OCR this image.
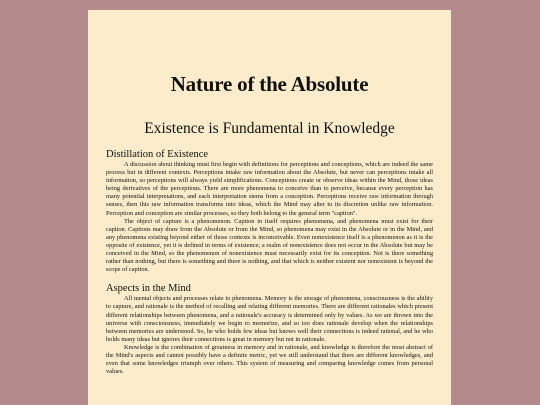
Nature of the Absolute
Existence is Fundamental in Knowledge
Distillation of Existence

A discussion about thinking must first begin with definitions for perceptions and conceptions, which are indeed the same process but in different contexts. Perceptions intake raw information about the Absolute, but never can perceptions intake all information, so perceptions will always yield simplifications. Conceptions create or observe ideas within the Mind, those ideas being derivatives of the perceptions. There are more phenomena to conceive than to perceive, because every perception has many potential interpretations, and each interpretation stems from a conception. Perceptions receive raw information through senses, then this raw information transforms into ideas, which the Mind may alter to its discretion unlike raw information. Perception and conception are similar processes, so they both belong to the general term "caption".

The object of capture is a phenomenon. Caption in itself requires phenomena, and phenomena must exist for their caption. Captions may draw from the Absolute or from the Mind, so phenomena may exist in the Absolute or in the Mind, and any phenomena existing beyond either of those contexts is inconceivable. Even nonexistence itself is a phenomenon as it is the opposite of existence, yet it is defined in terms of existence; a realm of nonexistence does not occur in the Absolute but may be conceived in the Mind, so the phenomenon of nonexistence must necessarily exist for its conception. Not is there something rather than nothing, but there is something and there is nothing, and that which is neither existent nor nonexistent is beyond the scope of caption.

Aspects in the Mind

All mental objects and processes relate to phenomena. Memory is the storage of phenomena, consciousness is the ability to capture, and rationale is the method of recalling and relating different memories. There are different rationales which present different relationships between phenomena, and a rationale's accuracy is determined only by values. As we are thrown into the universe with consciousness, immediately we begin to memorize, and so too does rationale develop when the relationships between memories are understood. So, he who holds few ideas but knows well their connections is indeed rational, and he who holds many ideas but ignores their connections is great in memory but not in rationale.

Knowledge is the combination of greatness in memory and in rationale, and knowledge is therefore the most abstract of the Mind's aspects and cannot possibly have a definite metric, yet we still understand that there are different knowledges, and even that some knowledges triumph over others. This system of measuring and comparing knowledge comes from personal values.
